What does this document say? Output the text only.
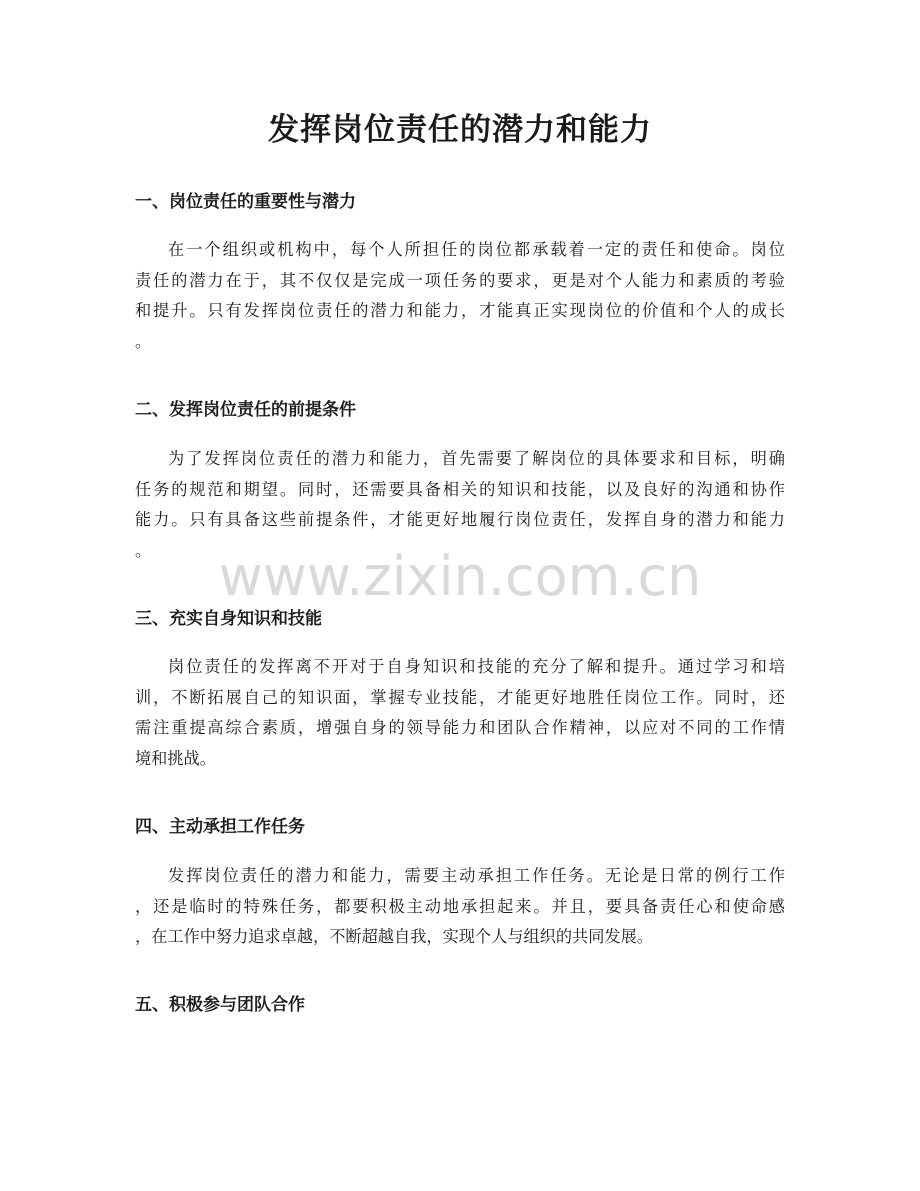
发挥岗位责任的潜力和能力
一、岗位责任的重要性与潜力

在一个组织或机构中，每个人所担任的岗位都承载着一定的责任和使命。岗位
责任的潜力在于，其不仅仅是完成一项任务的要求，更是对个人能力和素质的考验
和提升。只有发挥岗位责任的潜力和能力，才能真正实现岗位的价值和个人的成长
。

二、发挥岗位责任的前提条件

为了发挥岗位责任的潜力和能力，首先需要了解岗位的具体要求和目标，明确
任务的规范和期望。同时，还需要具备相关的知识和技能，以及良好的沟通和协作
能力。只有具备这些前提条件，才能更好地履行岗位责任，发挥自身的潜力和能力
。

三、充实自身知识和技能

岗位责任的发挥离不开对于自身知识和技能的充分了解和提升。通过学习和培
训，不断拓展自己的知识面，掌握专业技能，才能更好地胜任岗位工作。同时，还
需注重提高综合素质，增强自身的领导能力和团队合作精神，以应对不同的工作情
境和挑战。

四、主动承担工作任务

发挥岗位责任的潜力和能力，需要主动承担工作任务。无论是日常的例行工作
，还是临时的特殊任务，都要积极主动地承担起来。并且，要具备责任心和使命感
，在工作中努力追求卓越，不断超越自我，实现个人与组织的共同发展。

五、积极参与团队合作
www.zixin.com.cn
